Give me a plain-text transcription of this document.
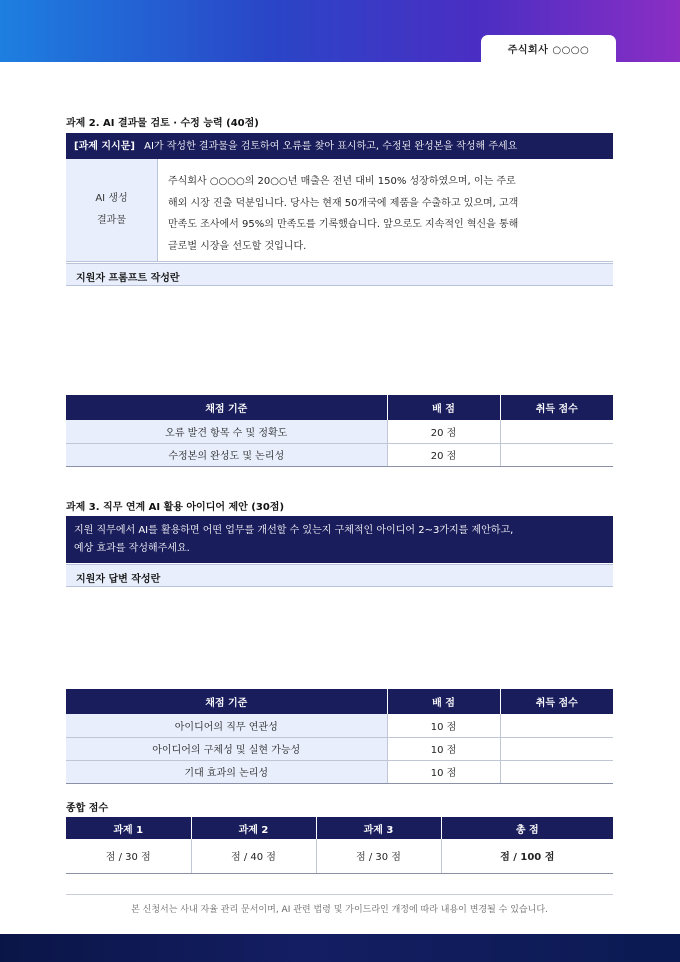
주식회사 ○○○○
과제 2. AI 결과물 검토 · 수정 능력 (40점)
[과제 지시문] AI가 작성한 결과물을 검토하여 오류를 찾아 표시하고, 수정된 완성본을 작성해 주세요
AI 생성
결과물
주식회사 ○○○○의 20○○년 매출은 전년 대비 150% 성장하였으며, 이는 주로
해외 시장 진출 덕분입니다. 당사는 현재 50개국에 제품을 수출하고 있으며, 고객
만족도 조사에서 95%의 만족도를 기록했습니다. 앞으로도 지속적인 혁신을 통해
글로벌 시장을 선도할 것입니다.
지원자 프롬프트 작성란
채점 기준	배 점	취득 점수
오류 발견 항목 수 및 정확도	20 점	
수정본의 완성도 및 논리성	20 점	
과제 3. 직무 연계 AI 활용 아이디어 제안 (30점)
지원 직무에서 AI를 활용하면 어떤 업무를 개선할 수 있는지 구체적인 아이디어 2~3가지를 제안하고,
예상 효과를 작성해주세요.
지원자 답변 작성란
채점 기준	배 점	취득 점수
아이디어의 직무 연관성	10 점	
아이디어의 구체성 및 실현 가능성	10 점	
기대 효과의 논리성	10 점	
종합 점수
과제 1	과제 2	과제 3	총 점
점 / 30 점	점 / 40 점	점 / 30 점	점 / 100 점
본 신청서는 사내 자율 관리 문서이며, AI 관련 법령 및 가이드라인 개정에 따라 내용이 변경될 수 있습니다.
